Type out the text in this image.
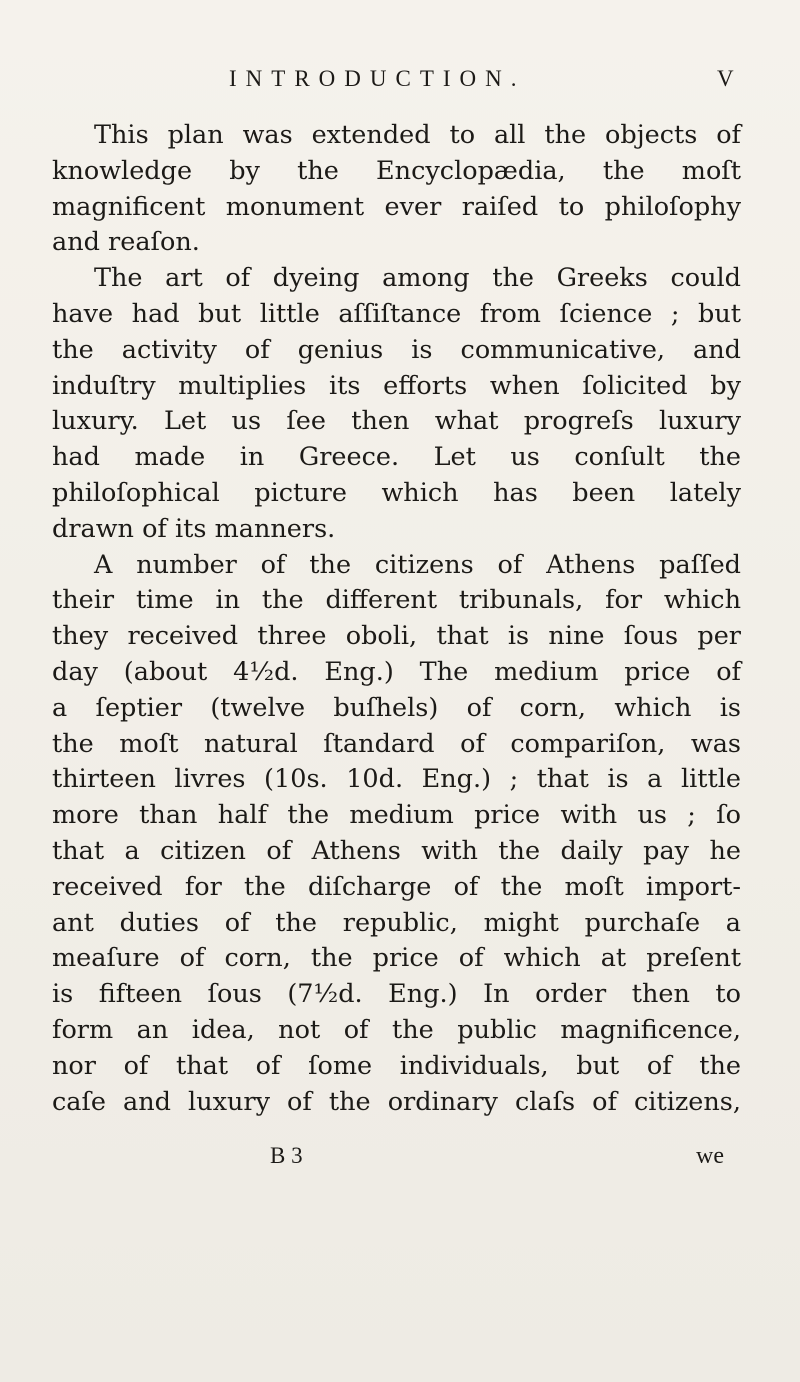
INTRODUCTION.	V
This plan was extended to all the objects of
knowledge by the Encyclopædia, the moſt
magnificent monument ever raiſed to philoſophy
and reaſon.
The art of dyeing among the Greeks could
have had but little aſſiſtance from ſcience ; but
the activity of genius is communicative, and
induſtry multiplies its efforts when ſolicited by
luxury. Let us ſee then what progreſs luxury
had made in Greece. Let us conſult the
philoſophical picture which has been lately
drawn of its manners.
A number of the citizens of Athens paſſed
their time in the different tribunals, for which
they received three oboli, that is nine ſous per
day (about 4½d. Eng.) The medium price of
a ſeptier (twelve buſhels) of corn, which is
the moſt natural ſtandard of compariſon, was
thirteen livres (10s. 10d. Eng.) ; that is a little
more than half the medium price with us ; ſo
that a citizen of Athens with the daily pay he
received for the diſcharge of the moſt import-
ant duties of the republic, might purchaſe a
meaſure of corn, the price of which at preſent
is fifteen ſous (7½d. Eng.) In order then to
form an idea, not of the public magnificence,
nor of that of ſome individuals, but of the
caſe and luxury of the ordinary claſs of citizens,
B 3	we
